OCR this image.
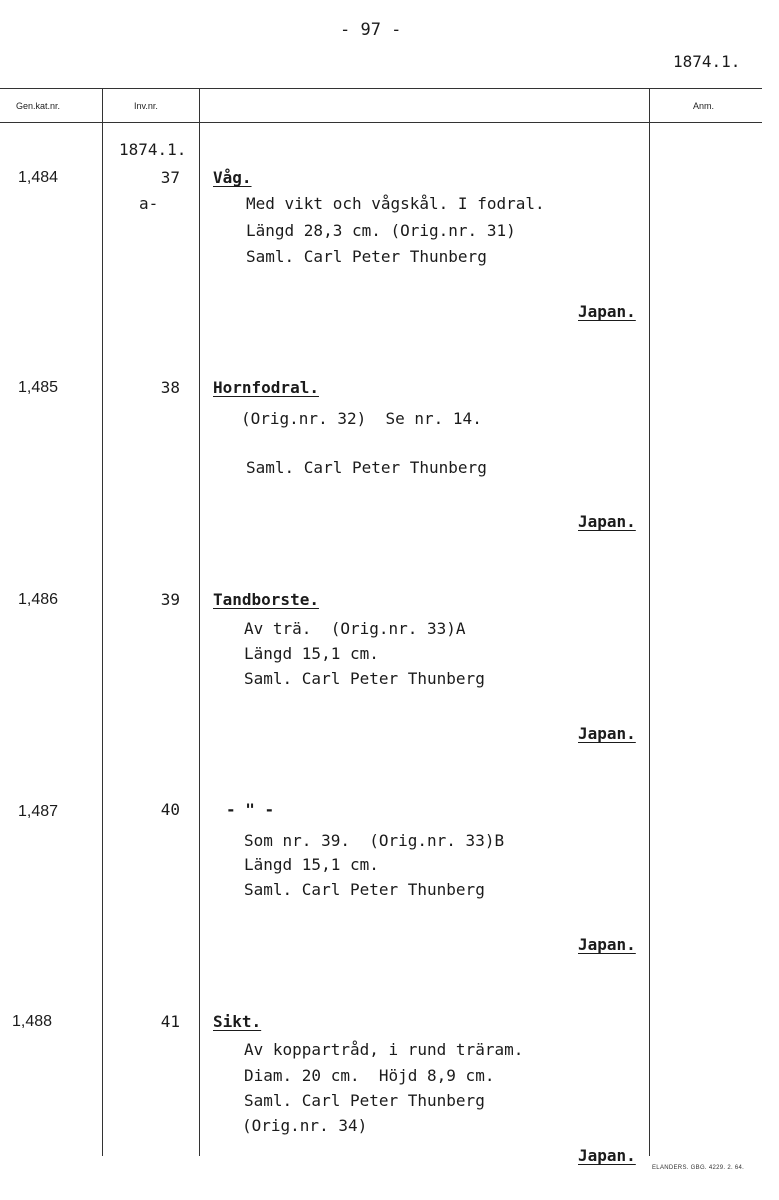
- 97 -
1874.1.
Gen.kat.nr.	Inv.nr.	Anm.
1874.1.
1,484	37
a-
Våg.
Med vikt och vågskål. I fodral.
Längd 28,3 cm. (Orig.nr. 31)
Saml. Carl Peter Thunberg
Japan.
1,485	38 Hornfodral.
(Orig.nr. 32)  Se nr. 14.
Saml. Carl Peter Thunberg
Japan.
1,486	39 Tandborste.
Av trä.  (Orig.nr. 33)A
Längd 15,1 cm.
Saml. Carl Peter Thunberg
Japan.
1,487	40	- " -
Som nr. 39.  (Orig.nr. 33)B
Längd 15,1 cm.
Saml. Carl Peter Thunberg
Japan.
1,488	41 Sikt.
Av koppartråd, i rund träram.
Diam. 20 cm.  Höjd 8,9 cm.
Saml. Carl Peter Thunberg
(Orig.nr. 34)
Japan.
ELANDERS. GBG. 4229. 2. 64.
